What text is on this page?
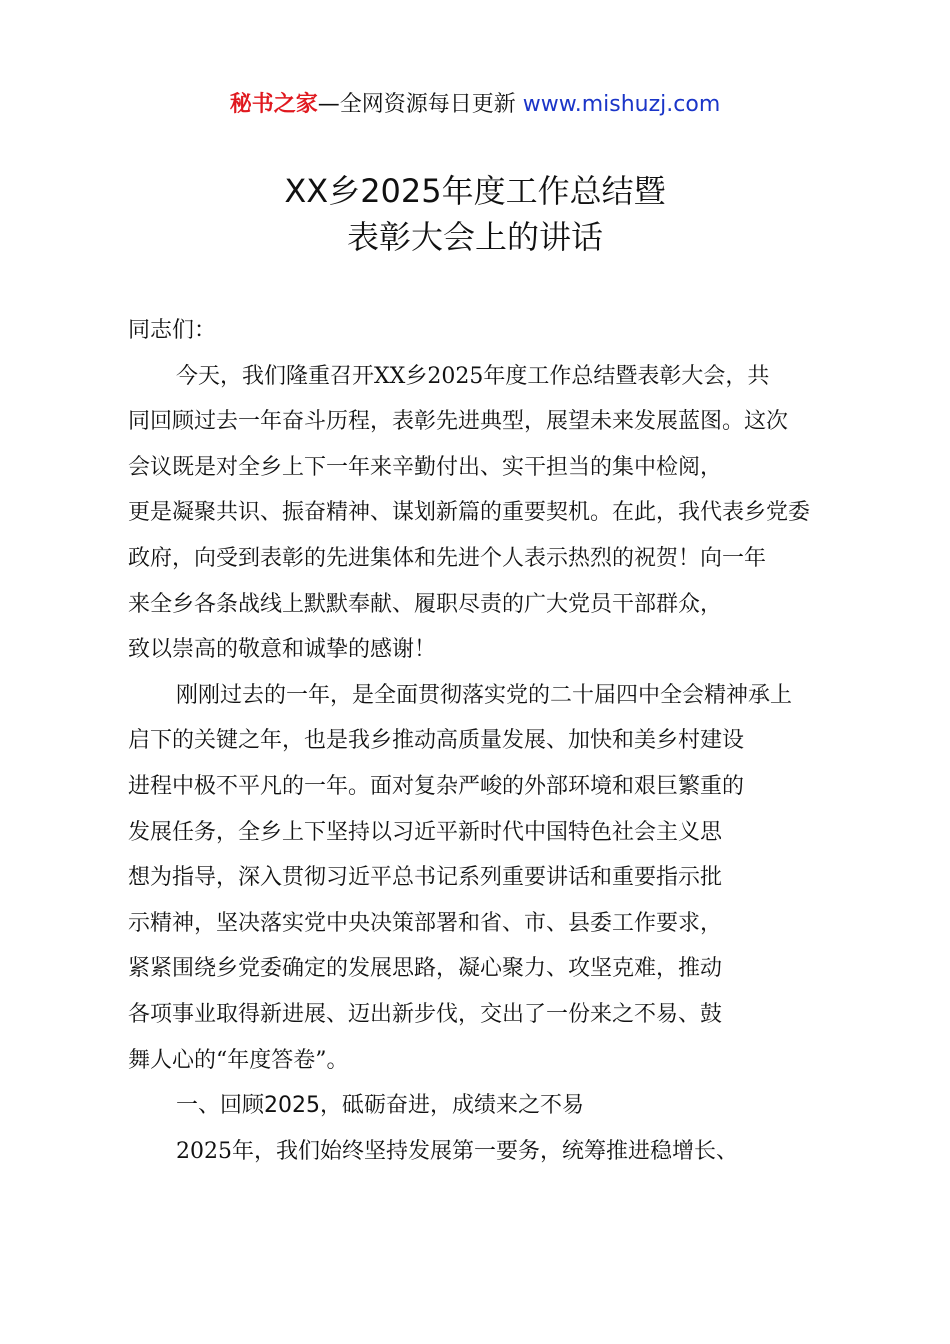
秘书之家—全网资源每日更新 www.mishuzj.com
XX乡2025年度工作总结暨
表彰大会上的讲话
同志们：
今天，我们隆重召开XX乡2025年度工作总结暨表彰大会，共
同回顾过去一年奋斗历程，表彰先进典型，展望未来发展蓝图。这次
会议既是对全乡上下一年来辛勤付出、实干担当的集中检阅，
更是凝聚共识、振奋精神、谋划新篇的重要契机。在此，我代表乡党委
政府，向受到表彰的先进集体和先进个人表示热烈的祝贺！向一年
来全乡各条战线上默默奉献、履职尽责的广大党员干部群众，
致以崇高的敬意和诚挚的感谢！
刚刚过去的一年，是全面贯彻落实党的二十届四中全会精神承上
启下的关键之年，也是我乡推动高质量发展、加快和美乡村建设
进程中极不平凡的一年。面对复杂严峻的外部环境和艰巨繁重的
发展任务，全乡上下坚持以习近平新时代中国特色社会主义思
想为指导，深入贯彻习近平总书记系列重要讲话和重要指示批
示精神，坚决落实党中央决策部署和省、市、县委工作要求，
紧紧围绕乡党委确定的发展思路，凝心聚力、攻坚克难，推动
各项事业取得新进展、迈出新步伐，交出了一份来之不易、鼓
舞人心的“年度答卷”。
一、回顾2025，砥砺奋进，成绩来之不易
2025年，我们始终坚持发展第一要务，统筹推进稳增长、
